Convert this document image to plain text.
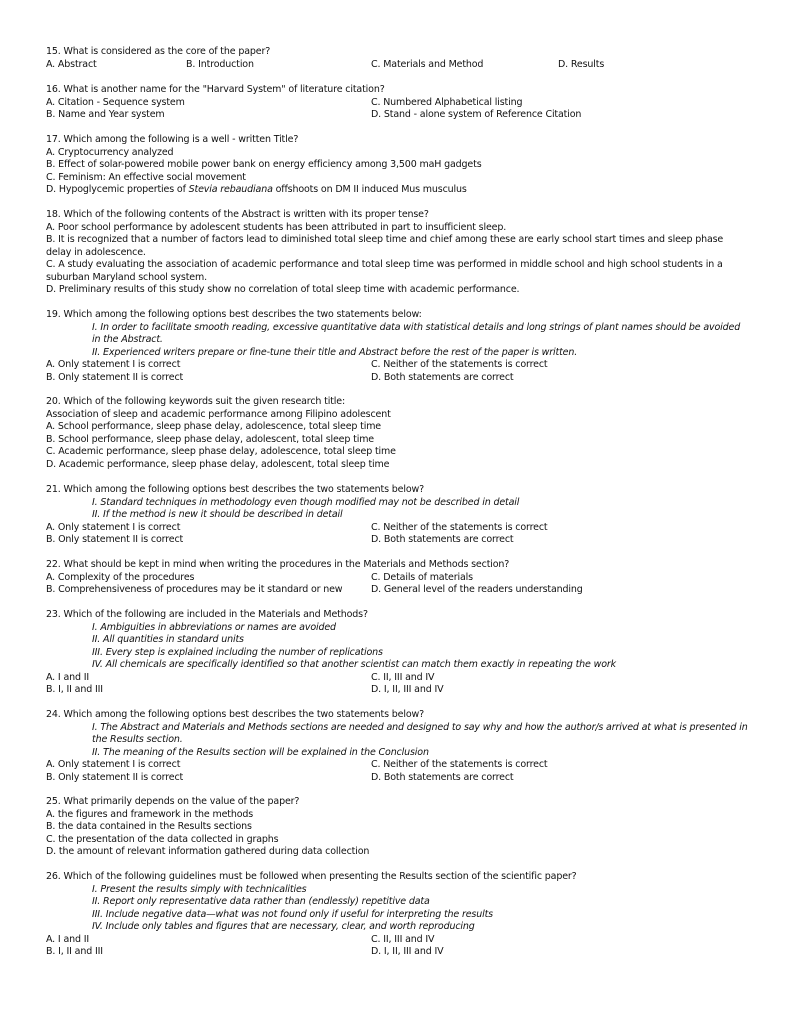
15. What is considered as the core of the paper?
A. Abstract	B. Introduction	C. Materials and Method	D. Results
16. What is another name for the "Harvard System" of literature citation?
A. Citation - Sequence system	C. Numbered Alphabetical listing
B. Name and Year system	D. Stand - alone system of Reference Citation
17. Which among the following is a well - written Title?
A. Cryptocurrency analyzed
B. Effect of solar-powered mobile power bank on energy efficiency among 3,500 maH gadgets
C. Feminism: An effective social movement
D. Hypoglycemic properties of Stevia rebaudiana offshoots on DM II induced Mus musculus
18. Which of the following contents of the Abstract is written with its proper tense?
A. Poor school performance by adolescent students has been attributed in part to insufficient sleep.
B. It is recognized that a number of factors lead to diminished total sleep time and chief among these are early school start times and sleep phase delay in adolescence.
C. A study evaluating the association of academic performance and total sleep time was performed in middle school and high school students in a suburban Maryland school system.
D. Preliminary results of this study show no correlation of total sleep time with academic performance.
19. Which among the following options best describes the two statements below:
I. In order to facilitate smooth reading, excessive quantitative data with statistical details and long strings of plant names should be avoided in the Abstract.
II. Experienced writers prepare or fine-tune their title and Abstract before the rest of the paper is written.
A. Only statement I is correct	C. Neither of the statements is correct
B. Only statement II is correct	D. Both statements are correct
20. Which of the following keywords suit the given research title:
Association of sleep and academic performance among Filipino adolescent
A. School performance, sleep phase delay, adolescence, total sleep time
B. School performance, sleep phase delay, adolescent, total sleep time
C. Academic performance, sleep phase delay, adolescence, total sleep time
D. Academic performance, sleep phase delay, adolescent, total sleep time
21. Which among the following options best describes the two statements below?
I. Standard techniques in methodology even though modified may not be described in detail
II. If the method is new it should be described in detail
A. Only statement I is correct	C. Neither of the statements is correct
B. Only statement II is correct	D. Both statements are correct
22. What should be kept in mind when writing the procedures in the Materials and Methods section?
A. Complexity of the procedures	C. Details of materials
B. Comprehensiveness of procedures may be it standard or new	D. General level of the readers understanding
23. Which of the following are included in the Materials and Methods?
I. Ambiguities in abbreviations or names are avoided
II. All quantities in standard units
III. Every step is explained including the number of replications
IV. All chemicals are specifically identified so that another scientist can match them exactly in repeating the work
A. I and II	C. II, III and IV
B. I, II and III	D. I, II, III and IV
24. Which among the following options best describes the two statements below?
I. The Abstract and Materials and Methods sections are needed and designed to say why and how the author/s arrived at what is presented in the Results section.
II. The meaning of the Results section will be explained in the Conclusion
A. Only statement I is correct	C. Neither of the statements is correct
B. Only statement II is correct	D. Both statements are correct
25. What primarily depends on the value of the paper?
A. the figures and framework in the methods
B. the data contained in the Results sections
C. the presentation of the data collected in graphs
D. the amount of relevant information gathered during data collection
26. Which of the following guidelines must be followed when presenting the Results section of the scientific paper?
I. Present the results simply with technicalities
II. Report only representative data rather than (endlessly) repetitive data
III. Include negative data—what was not found only if useful for interpreting the results
IV. Include only tables and figures that are necessary, clear, and worth reproducing
A. I and II	C. II, III and IV
B. I, II and III	D. I, II, III and IV
